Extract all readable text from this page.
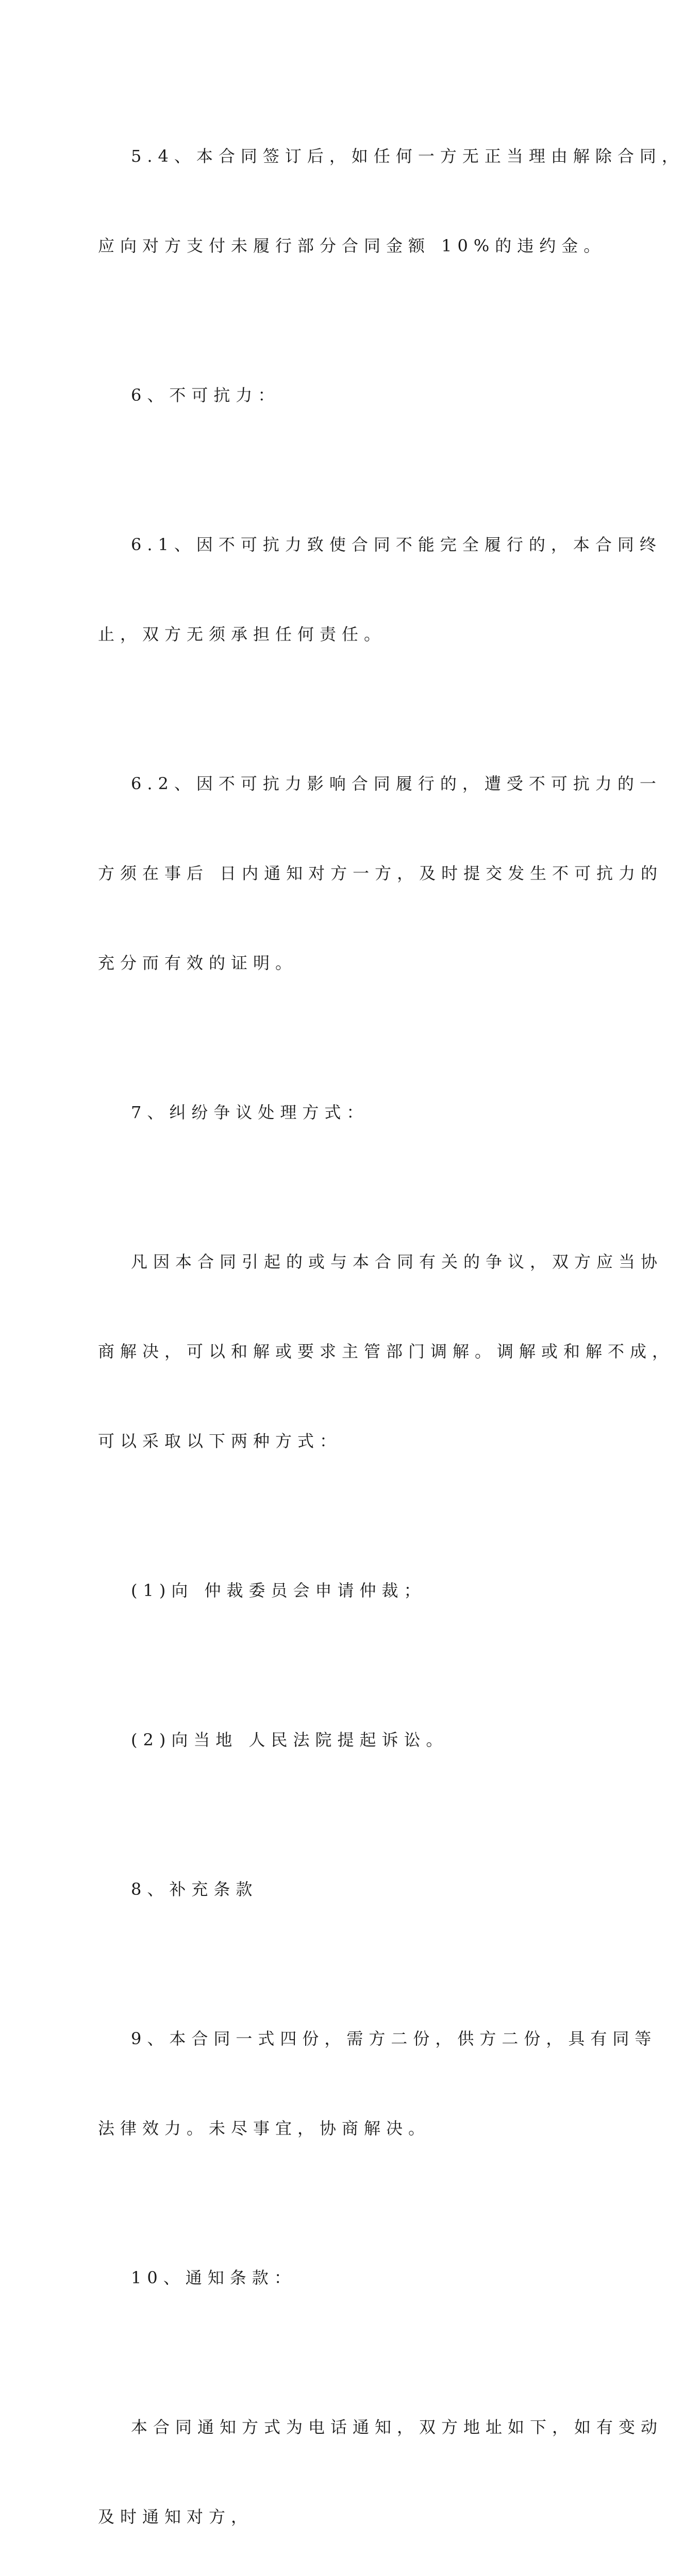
5.4、本合同签订后，如任何一方无正当理由解除合同，

应向对方支付未履行部分合同金额 10%的违约金。

6、不可抗力：

6.1、因不可抗力致使合同不能完全履行的，本合同终

止，双方无须承担任何责任。

6.2、因不可抗力影响合同履行的，遭受不可抗力的一

方须在事后 日内通知对方一方，及时提交发生不可抗力的

充分而有效的证明。

7、纠纷争议处理方式：

凡因本合同引起的或与本合同有关的争议，双方应当协

商解决，可以和解或要求主管部门调解。调解或和解不成，

可以采取以下两种方式：

(1)向 仲裁委员会申请仲裁；

(2)向当地 人民法院提起诉讼。

8、补充条款

9、本合同一式四份，需方二份，供方二份，具有同等

法律效力。未尽事宜，协商解决。

10、通知条款：

本合同通知方式为电话通知，双方地址如下，如有变动

及时通知对方，
